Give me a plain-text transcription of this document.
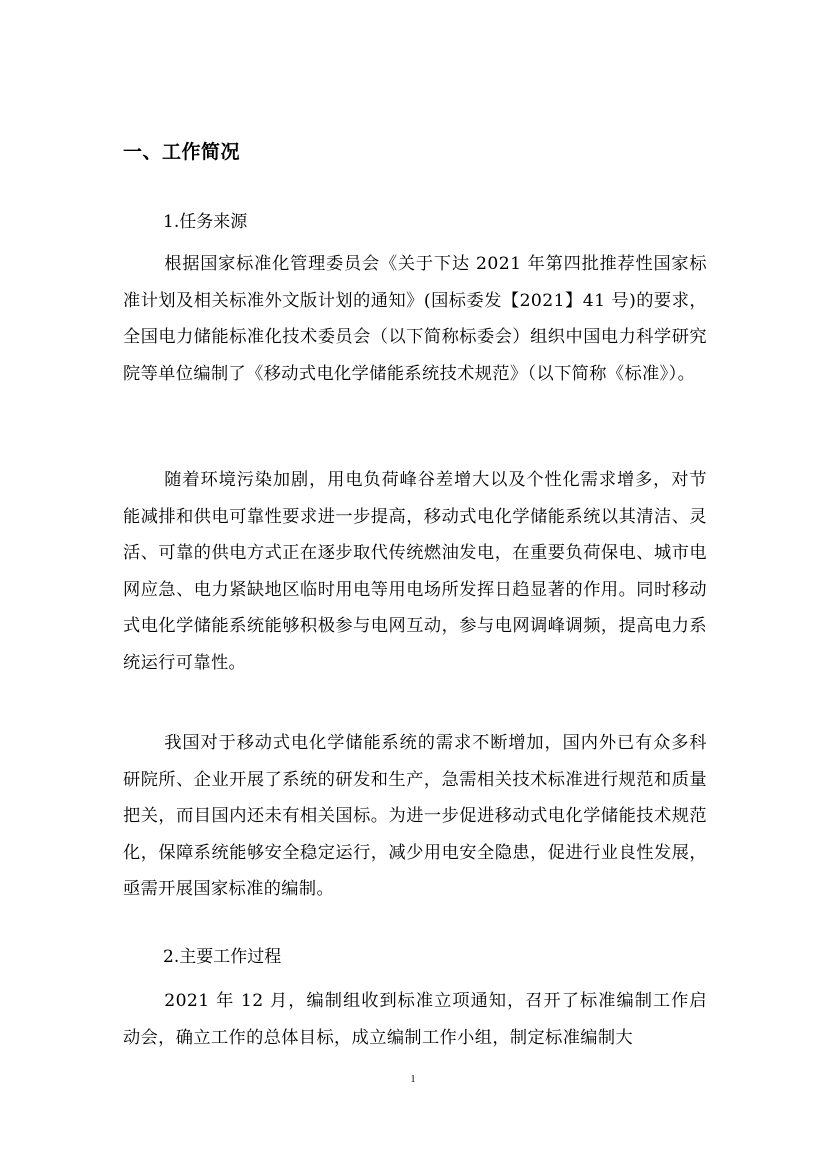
一、工作简况
1.任务来源

根据国家标准化管理委员会《关于下达 2021 年第四批推荐性国家标准计划及相关标准外文版计划的通知》(国标委发【2021】41 号)的要求，全国电力储能标准化技术委员会（以下简称标委会）组织中国电力科学研究院等单位编制了《移动式电化学储能系统技术规范》（以下简称《标准》）。

随着环境污染加剧，用电负荷峰谷差增大以及个性化需求增多，对节能减排和供电可靠性要求进一步提高，移动式电化学储能系统以其清洁、灵活、可靠的供电方式正在逐步取代传统燃油发电，在重要负荷保电、城市电网应急、电力紧缺地区临时用电等用电场所发挥日趋显著的作用。同时移动式电化学储能系统能够积极参与电网互动，参与电网调峰调频，提高电力系统运行可靠性。

我国对于移动式电化学储能系统的需求不断增加，国内外已有众多科研院所、企业开展了系统的研发和生产，急需相关技术标准进行规范和质量把关，而目国内还未有相关国标。为进一步促进移动式电化学储能技术规范化，保障系统能够安全稳定运行，减少用电安全隐患，促进行业良性发展，亟需开展国家标准的编制。

2.主要工作过程

2021 年 12 月，编制组收到标准立项通知，召开了标准编制工作启动会，确立工作的总体目标，成立编制工作小组，制定标准编制大

1
